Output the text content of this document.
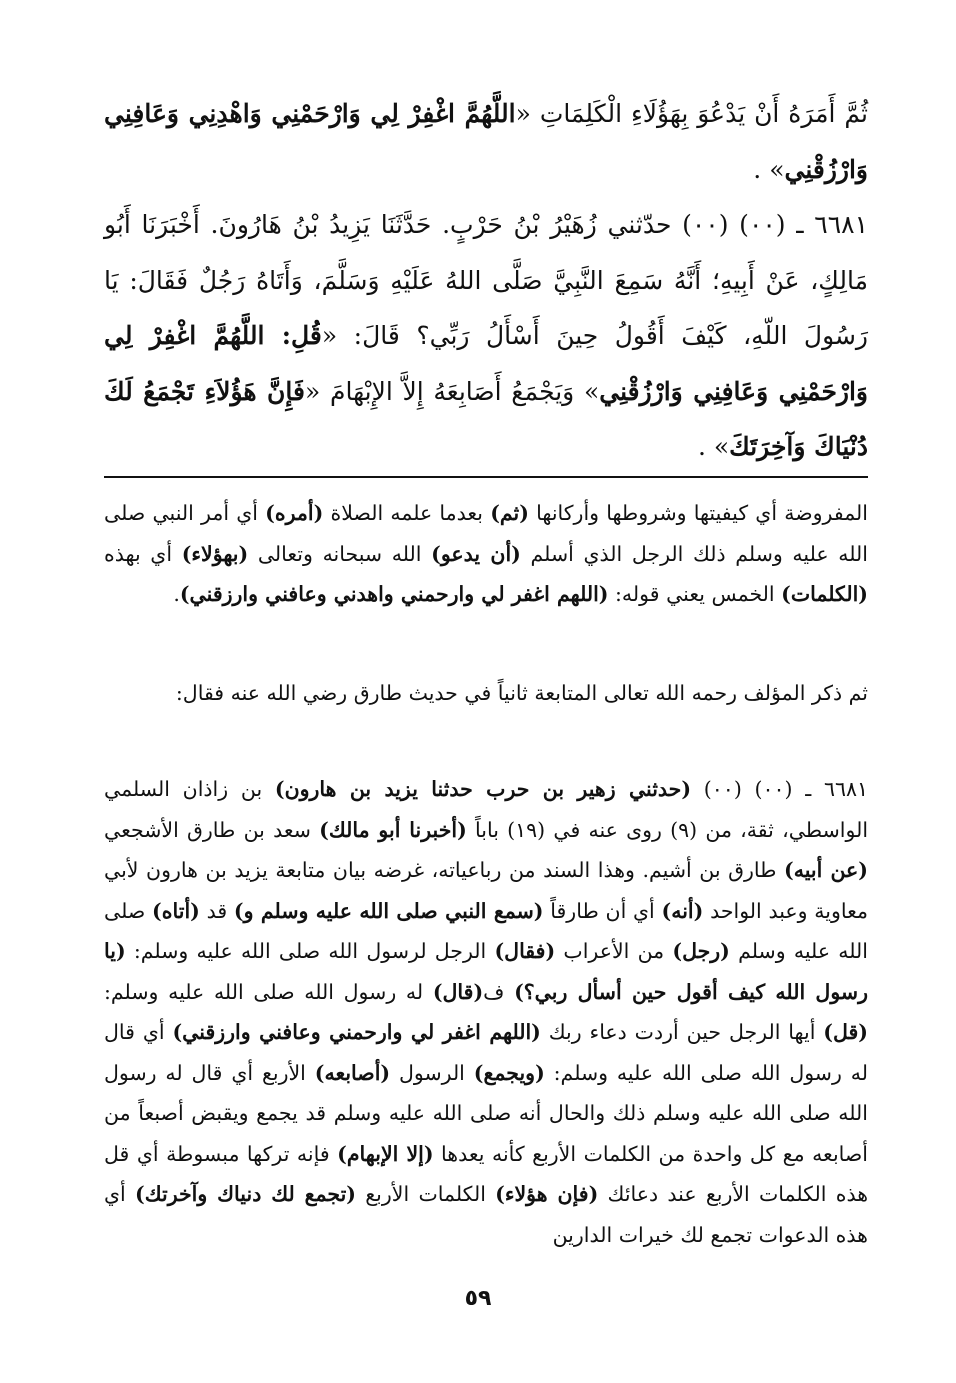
ثُمَّ أَمَرَهُ أَنْ يَدْعُوَ بِهَؤُلَاءِ الْكَلِمَاتِ «اللَّهُمَّ اغْفِرْ لِي وَارْحَمْنِي وَاهْدِنِي وَعَافِنِي وَارْزُقْنِي» .

٦٦٨١ ـ (٠٠) (٠٠) حدّثني زُهَيْرُ بْنُ حَرْبٍ. حَدَّثَنَا يَزِيدُ بْنُ هَارُونَ. أَخْبَرَنَا أَبُو مَالِكٍ، عَنْ أَبِيهِ؛ أَنَّهُ سَمِعَ النَّبِيَّ صَلَّى اللهُ عَلَيْهِ وَسَلَّمَ، وَأَتَاهُ رَجُلٌ فَقَالَ: يَا رَسُولَ اللّهِ، كَيْفَ أَقُولُ حِينَ أَسْأَلُ رَبِّي؟ قَالَ: «قُلِ: اللَّهُمَّ اغْفِرْ لِي وَارْحَمْنِي وَعَافِنِي وَارْزُقْنِي» وَيَجْمَعُ أَصَابِعَهُ إِلاَّ الإِبْهَامَ «فَإِنَّ هَؤُلاَءِ تَجْمَعُ لَكَ دُنْيَاكَ وَآخِرَتَكَ» .

المفروضة أي كيفيتها وشروطها وأركانها (ثم) بعدما علمه الصلاة (أمره) أي أمر النبي صلى الله عليه وسلم ذلك الرجل الذي أسلم (أن يدعو) الله سبحانه وتعالى (بهؤلاء) أي بهذه (الكلمات) الخمس يعني قوله: (اللهم اغفر لي وارحمني واهدني وعافني وارزقني).

ثم ذكر المؤلف رحمه الله تعالى المتابعة ثانياً في حديث طارق رضي الله عنه فقال:

٦٦٨١ ـ (٠٠) (٠٠) (حدثني زهير بن حرب حدثنا يزيد بن هارون) بن زاذان السلمي الواسطي، ثقة، من (٩) روى عنه في (١٩) باباً (أخبرنا أبو مالك) سعد بن طارق الأشجعي (عن أبيه) طارق بن أشيم. وهذا السند من رباعياته، غرضه بيان متابعة يزيد بن هارون لأبي معاوية وعبد الواحد (أنه) أي أن طارقاً (سمع النبي صلى الله عليه وسلم و) قد (أتاه) صلى الله عليه وسلم (رجل) من الأعراب (فقال) الرجل لرسول الله صلى الله عليه وسلم: (يا رسول الله كيف أقول حين أسأل ربي؟) ف(قال) له رسول الله صلى الله عليه وسلم: (قل) أيها الرجل حين أردت دعاء ربك (اللهم اغفر لي وارحمني وعافني وارزقني) أي قال له رسول الله صلى الله عليه وسلم: (ويجمع) الرسول (أصابعه) الأربع أي قال له رسول الله صلى الله عليه وسلم ذلك والحال أنه صلى الله عليه وسلم قد يجمع ويقبض أصبعاً من أصابعه مع كل واحدة من الكلمات الأربع كأنه يعدها (إلا الإبهام) فإنه تركها مبسوطة أي قل هذه الكلمات الأربع عند دعائك (فإن هؤلاء) الكلمات الأربع (تجمع لك دنياك وآخرتك) أي هذه الدعوات تجمع لك خيرات الدارين

٥٩
